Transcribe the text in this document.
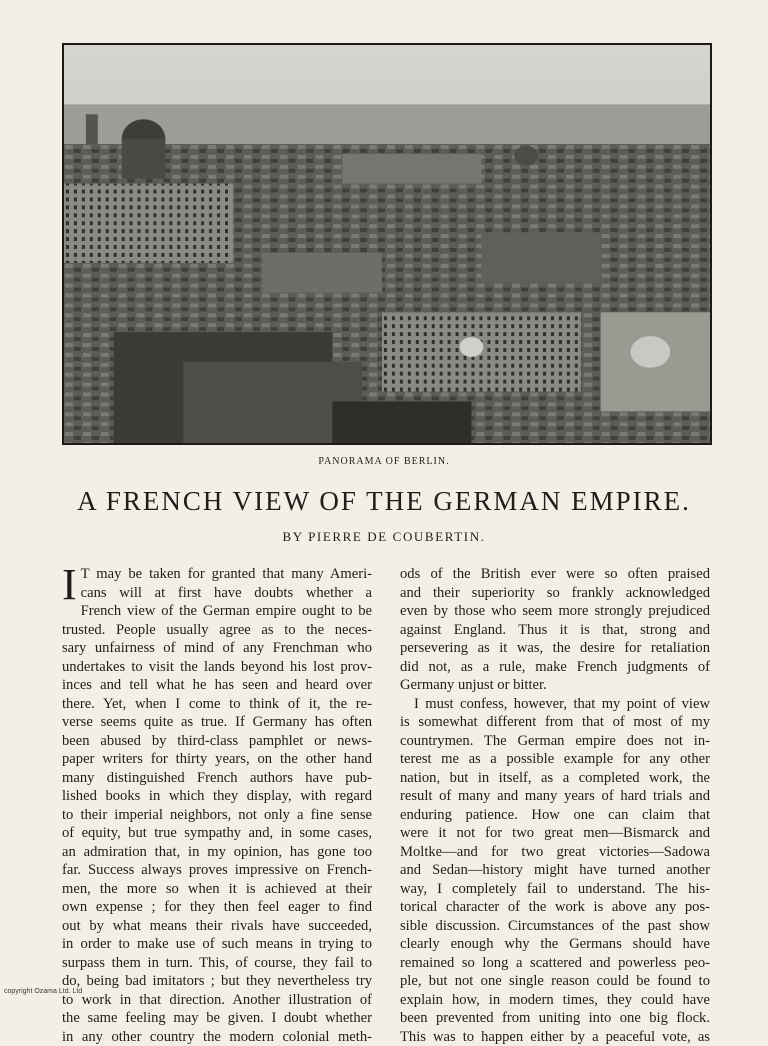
PANORAMA OF BERLIN.
A FRENCH VIEW OF THE GERMAN EMPIRE.
BY PIERRE DE COUBERTIN.
I T may be taken for granted that many Ameri-
cans will at first have doubts whether a
French view of the German empire ought to be
trusted. People usually agree as to the neces-
sary unfairness of mind of any Frenchman who
undertakes to visit the lands beyond his lost prov-
inces and tell what he has seen and heard over
there. Yet, when I come to think of it, the re-
verse seems quite as true. If Germany has often
been abused by third-class pamphlet or news-
paper writers for thirty years, on the other hand
many distinguished French authors have pub-
lished books in which they display, with regard
to their imperial neighbors, not only a fine sense
of equity, but true sympathy and, in some cases,
an admiration that, in my opinion, has gone too
far. Success always proves impressive on French-
men, the more so when it is achieved at their
own expense ; for they then feel eager to find
out by what means their rivals have succeeded,
in order to make use of such means in trying to
surpass them in turn. This, of course, they fail to
do, being bad imitators ; but they nevertheless try
to work in that direction. Another illustration of
the same feeling may be given. I doubt whether
in any other country the modern colonial meth-
ods of the British ever were so often praised
and their superiority so frankly acknowledged
even by those who seem more strongly prejudiced
against England. Thus it is that, strong and
persevering as it was, the desire for retaliation
did not, as a rule, make French judgments of
Germany unjust or bitter.
I must confess, however, that my point of view
is somewhat different from that of most of my
countrymen. The German empire does not in-
terest me as a possible example for any other
nation, but in itself, as a completed work, the
result of many and many years of hard trials and
enduring patience. How one can claim that
were it not for two great men—Bismarck and
Moltke—and for two great victories—Sadowa
and Sedan—history might have turned another
way, I completely fail to understand. The his-
torical character of the work is above any pos-
sible discussion. Circumstances of the past show
clearly enough why the Germans should have
remained so long a scattered and powerless peo-
ple, but not one single reason could be found to
explain how, in modern times, they could have
been prevented from uniting into one big flock.
This was to happen either by a peaceful vote, as
copyright Ozama Ltd. Ltd
